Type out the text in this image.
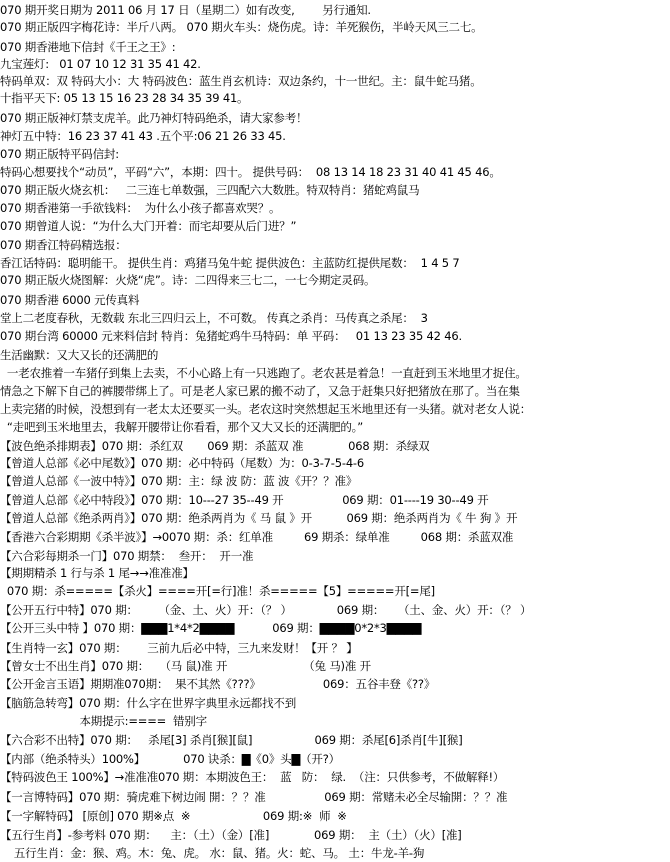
070 期开奖日期为 2011 06 月 17 日（星期二）如有改变,        另行通知.
070 期正版四字梅花诗：半斤八两。 070 期火车头：烧伤虎。诗：羊死猴伤，半岭天风三二七。
070 期香港地下信封《千王之王》:
九宝莲灯:   01 07 10 12 31 35 41 42.
特码单双：双 特码大小：大 特码波色：蓝生肖玄机诗：双边条约，十一世纪。主：鼠牛蛇马猪。
十指平天下: 05 13 15 16 23 28 34 35 39 41。
070 期正版神灯禁支虎羊。此乃神灯特码绝杀，请大家参考！
神灯五中特：16 23 37 41 43 .五个平:06 21 26 33 45.
070 期正版特平码信封:
特码心想要找个“动员”，平码“六”，本期：四十。 提供号码：  08 13 14 18 23 31 40 41 45 46。
070 期正版火烧玄机：   二三连七单数强，三四配六大数胜。特双特肖：猪蛇鸡鼠马
070 期香港第一手欲钱料：  为什么小孩子都喜欢哭？。
070 期曾道人说：“为什么大门开着：而宅却要从后门进？”
070 期香江特码精选报：
香江话特码：聪明能干。 提供生肖：鸡猪马兔牛蛇 提供波色：主蓝防红提供尾数：  1 4 5 7
070 期正版火烧图解：火烧“虎”。诗：二四得来三七二，一七今期定灵码。
070 期香港 6000 元传真料
堂上二老度春秋，无数载 东北三四归云上，不可数。 传真之杀肖：马传真之杀尾：  3
070 期台湾 60000 元来料信封 特肖：兔猪蛇鸡牛马特码：单 平码：   01 13 23 35 42 46.
生活幽默：又大又长的还满肥的
一老农推着一车猪仔到集上去卖，不小心路上有一只逃跑了。老农甚是着急！一直赶到玉米地里才捉住。
情急之下解下自己的裤腰带绑上了。可是老人家已累的搬不动了，又急于赶集只好把猪放在那了。当在集
上卖完猪的时候，没想到有一老太太还要买一头。老农这时突然想起玉米地里还有一头猪。就对老女人说：
“走吧到玉米地里去，我解开腰带让你看看，那个又大又长的还满肥的。”
【波色绝杀排期表】070 期：杀红双       069 期：杀蓝双 准             068 期：杀绿双
【曾道人总部《必中尾数》】070 期：必中特码（尾数）为：0-3-7-5-4-6
【曾道人总部《一波中特》】070 期：主：绿 波 防：蓝 波《开？？准》
【曾道人总部《必中特段》】070 期：10---27 35--49 开                 069 期：01----19 30--49 开
【曾道人总部《绝杀两肖》】070 期：绝杀两肖为《 马 鼠 》开          069 期：绝杀两肖为《 牛 狗 》开
【香港六合彩期期《杀半波》】→0070 期：杀：红单准         69 期杀：绿单准         068 期：杀蓝双准
【六合彩每期杀一门】070 期禁：  叁开：  开一准
【期期精杀 1 行与杀 1 尾→→准准准】
070 期：杀=====【杀火】====开[=行]准！杀=====【5】=====开[=尾]
【公开五行中特】070 期：      （金、土、火）开：（？ ）             069 期：    （土、金、火）开：（？ ）
【公开三头中特 】070 期：▇▇▇1*4*2▇▇▇▇           069 期：▇▇▇▇0*2*3▇▇▇▇
【生肖特一玄】070 期：      三前九后必中特，三九来发财！【开 ？ 】
【曾女士不出生肖】070 期：   （马 鼠)准 开                      （兔 马)准 开
【公开金言玉语】期期准070期：  果不其然《???》                  069：五谷丰登《??》
【脑筋急转弯】070 期：什么字在世界字典里永远都找不到
本期提示:====  错别字
【六合彩不出特】070 期：   杀尾[3] 杀肖[猴][鼠]                  069 期：杀尾[6]杀肖[牛][猴]
【内部（绝杀特头）100%】           070 诀杀：▇《0》头▇（开?）
【特码波色王 100%】→准准准070 期：本期波色王：  蓝   防：  绿.  （注：只供参考，不做解释!）
【一言博特码】070 期：骑虎难下树边闹 開：？？准                 069 期：常赌未必全尽输開：？？准
【一字解特码】 [原创] 070 期※点  ※                     069 期:※  师  ※
【五行生肖】-参考料 070 期：    主：（土）（金）[准]             069 期：  主（土）（火）[准]
五行生肖：金：猴、鸡。木：兔、虎。 水：鼠、猪。火：蛇、马。 土：牛龙-羊-狗
